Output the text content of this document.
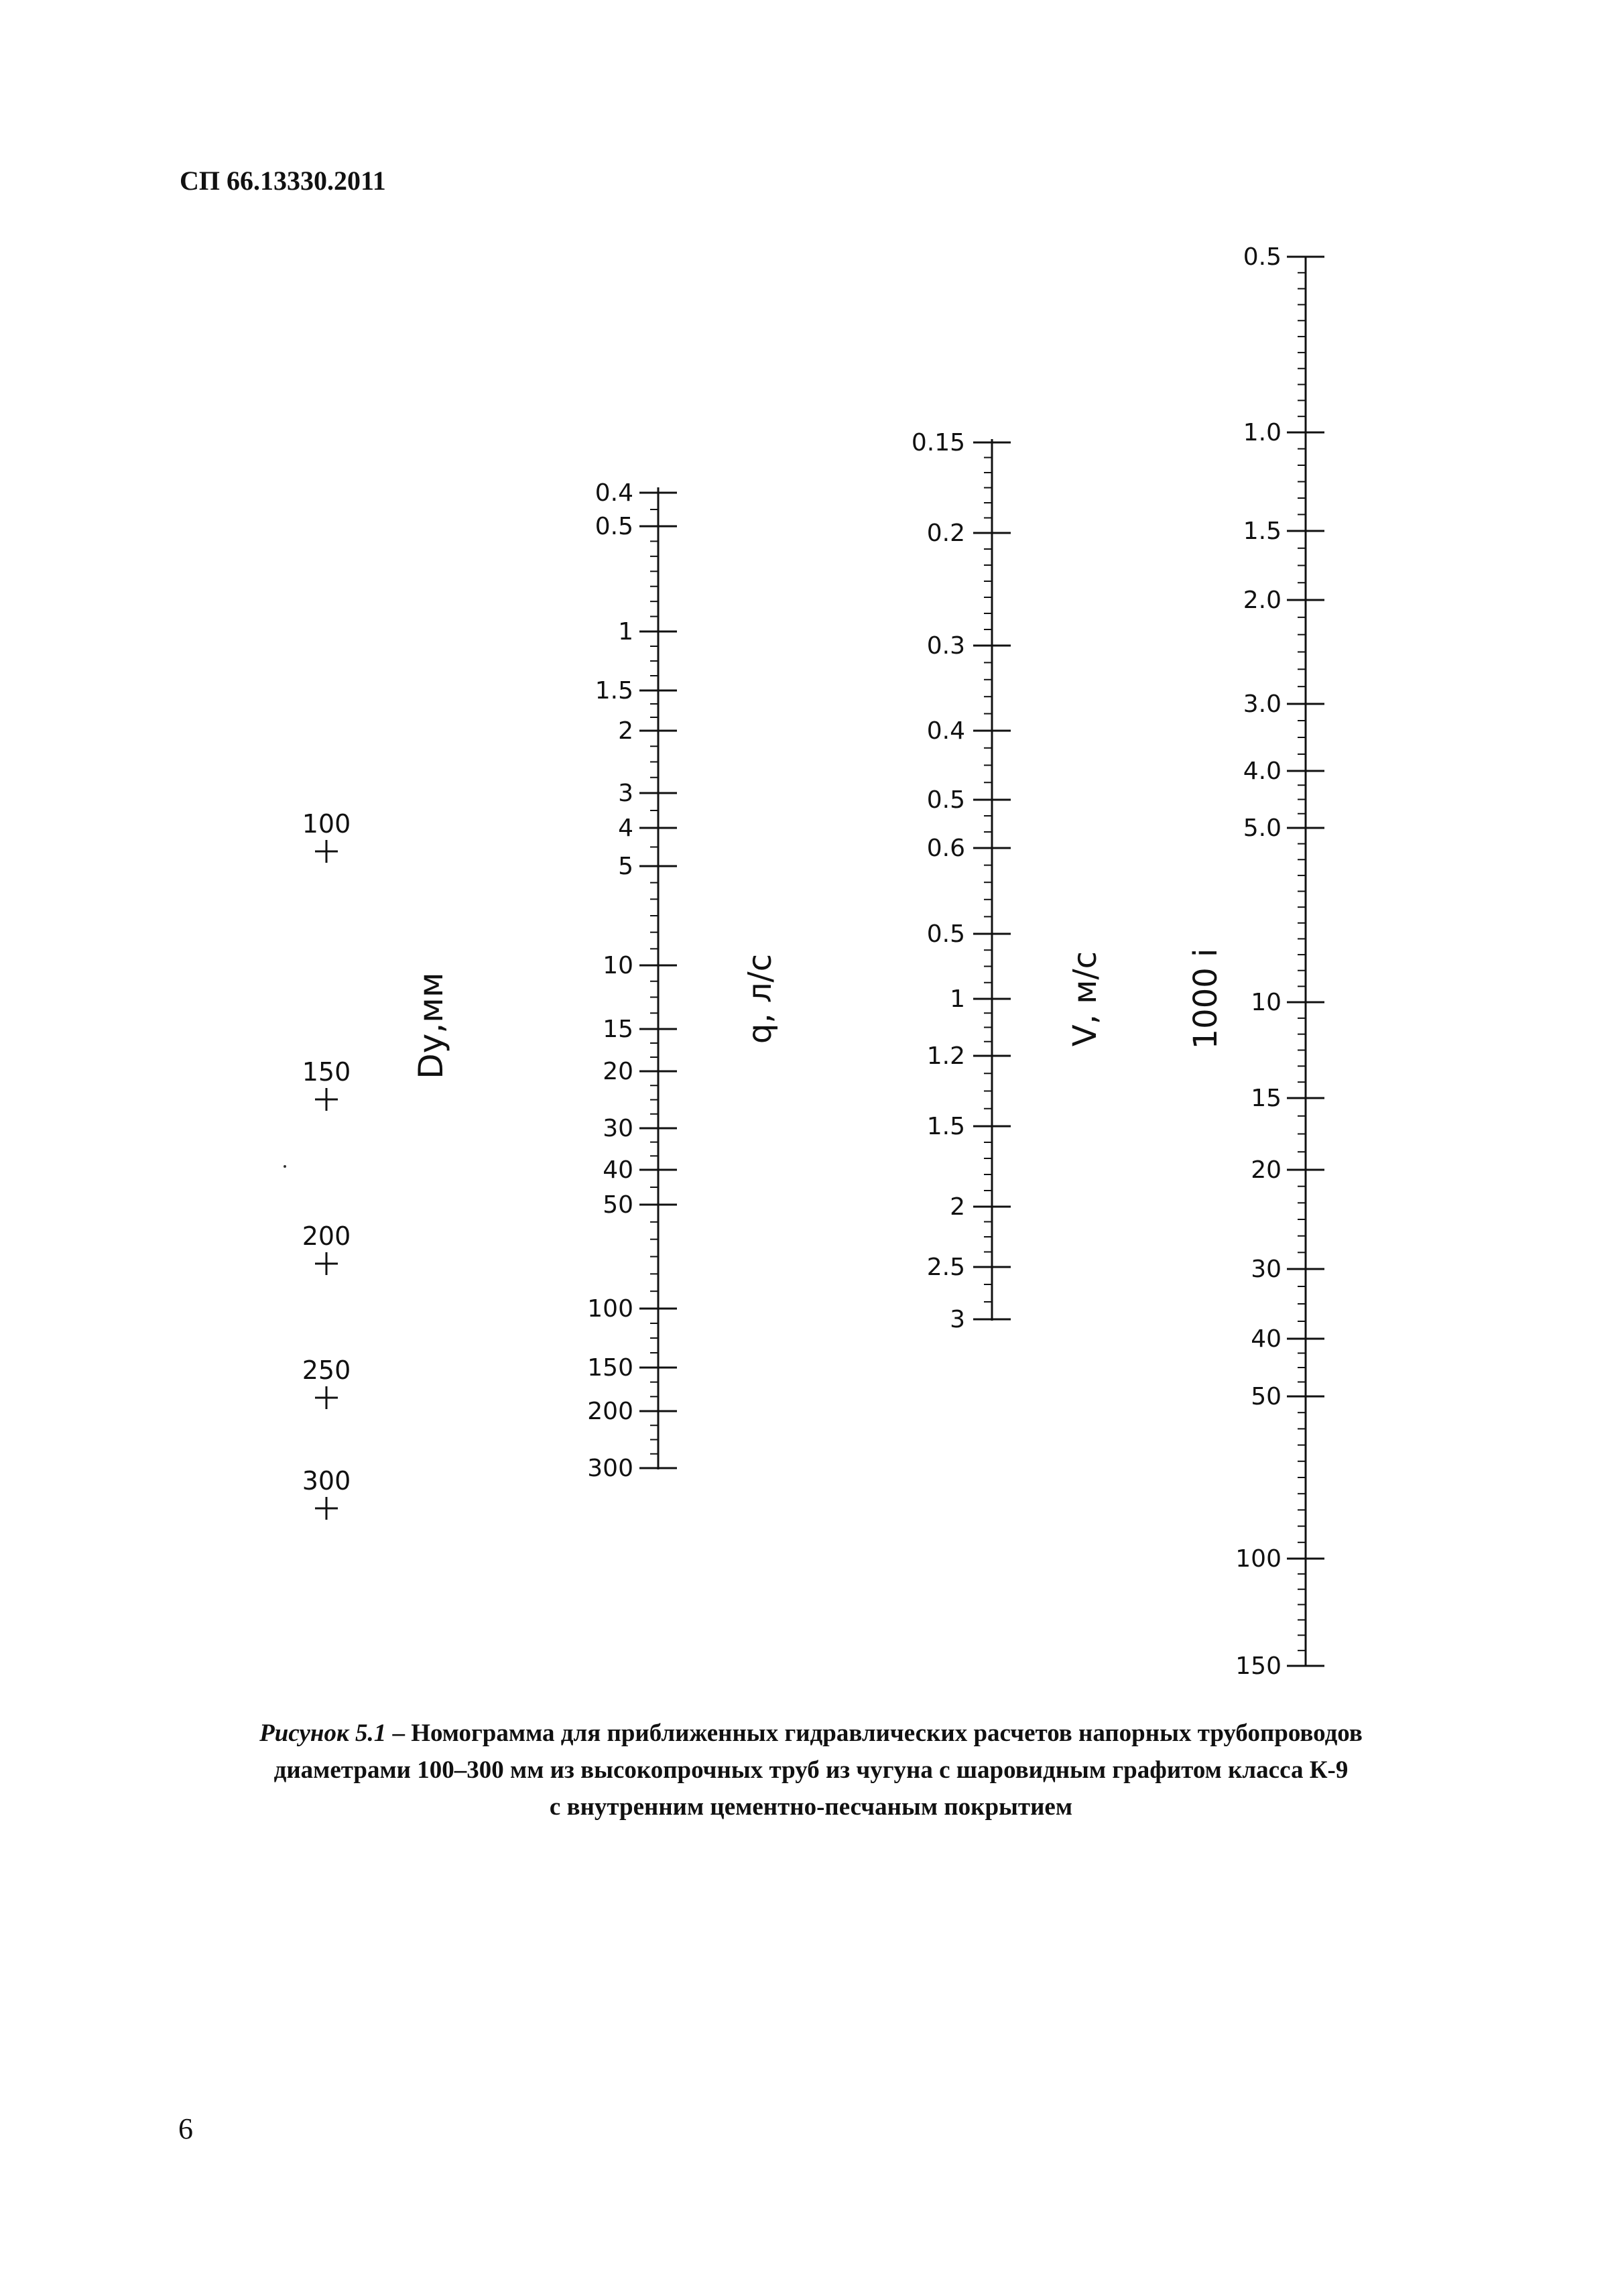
СП 66.13330.2011
100
150
200
250
300
Dy,мм
0.4
0.5
1
1.5
2
3
4
5
10
15
20
30
40
50
100
150
200
300
q, л/с
0.15
0.2
0.3
0.4
0.5
0.6
0.5
1
1.2
1.5
2
2.5
3
V, м/с
0.5
1.0
1.5
2.0
3.0
4.0
5.0
10
15
20
30
40
50
100
150
1000 i
Рисунок 5.1 – Номограмма для приближенных гидравлических расчетов напорных трубопроводов
диаметрами 100–300 мм из высокопрочных труб из чугуна с шаровидным графитом класса К-9
с внутренним цементно-песчаным покрытием
6
